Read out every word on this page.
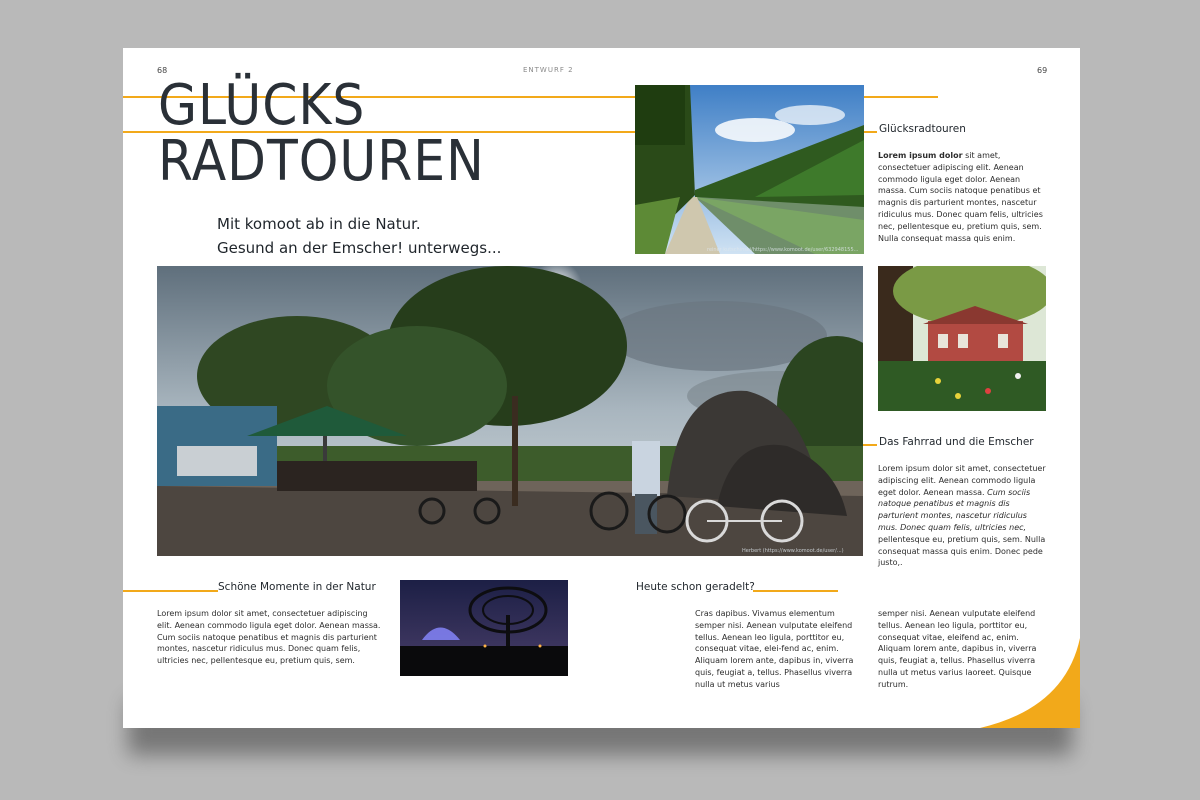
68	ENTWURF 2	69
GLÜCKS
RADTOUREN
Mit komoot ab in die Natur.
Gesund an der Emscher! unterwegs...	reiner kutschinski/https://www.komoot.de/user/632948155...
Herbert (https://www.komoot.de/user/...)
Glücksradtouren

Lorem ipsum dolor sit amet, consectetuer adipiscing elit. Aenean commodo ligula eget dolor. Aenean massa. Cum sociis natoque penatibus et magnis dis parturient montes, nascetur ridiculus mus. Donec quam felis, ultricies nec, pellentesque eu, pretium quis, sem. Nulla consequat massa quis enim.

Das Fahrrad und die Emscher

Lorem ipsum dolor sit amet, consectetuer adipiscing elit. Aenean commodo ligula eget dolor. Aenean massa. Cum sociis natoque penatibus et magnis dis parturient montes, nascetur ridiculus mus. Donec quam felis, ultricies nec, pellentesque eu, pretium quis, sem. Nulla consequat massa quis enim. Donec pede justo,.

Schöne Momente in der Natur

Lorem ipsum dolor sit amet, consectetuer adipiscing elit. Aenean commodo ligula eget dolor. Aenean massa. Cum sociis natoque penatibus et magnis dis parturient montes, nascetur ridiculus mus. Donec quam felis, ultricies nec, pellentesque eu, pretium quis, sem.

Heute schon geradelt?

Cras dapibus. Vivamus elementum semper nisi. Aenean vulputate eleifend tellus. Aenean leo ligula, porttitor eu, consequat vitae, elei-fend ac, enim. Aliquam lorem ante, dapibus in, viverra quis, feugiat a, tellus. Phasellus viverra nulla ut metus varius

semper nisi. Aenean vulputate eleifend tellus. Aenean leo ligula, porttitor eu, consequat vitae, eleifend ac, enim. Aliquam lorem ante, dapibus in, viverra quis, feugiat a, tellus. Phasellus viverra nulla ut metus varius laoreet. Quisque rutrum.
